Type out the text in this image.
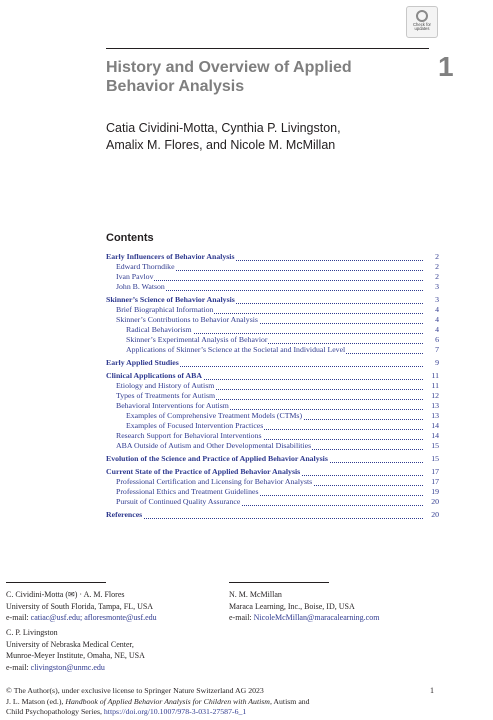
Check for
updates
History and Overview of Applied
Behavior Analysis
1
Catia Cividini-Motta, Cynthia P. Livingston,
Amalix M. Flores, and Nicole M. McMillan
Contents
Early Influencers of Behavior Analysis	2
Edward Thorndike	2
Ivan Pavlov	2
John B. Watson	3
Skinner’s Science of Behavior Analysis	3
Brief Biographical Information	4
Skinner’s Contributions to Behavior Analysis	4
Radical Behaviorism	4
Skinner’s Experimental Analysis of Behavior	6
Applications of Skinner’s Science at the Societal and Individual Level	7
Early Applied Studies	9
Clinical Applications of ABA	11
Etiology and History of Autism	11
Types of Treatments for Autism	12
Behavioral Interventions for Autism	13
Examples of Comprehensive Treatment Models (CTMs)	13
Examples of Focused Intervention Practices	14
Research Support for Behavioral Interventions	14
ABA Outside of Autism and Other Developmental Disabilities	15
Evolution of the Science and Practice of Applied Behavior Analysis	15
Current State of the Practice of Applied Behavior Analysis	17
Professional Certification and Licensing for Behavior Analysts	17
Professional Ethics and Treatment Guidelines	19
Pursuit of Continued Quality Assurance	20
References	20
C. Cividini-Motta (✉) · A. M. Flores
University of South Florida, Tampa, FL, USA
e-mail: catiac@usf.edu; afloresmonte@usf.edu
C. P. Livingston
University of Nebraska Medical Center,
Munroe-Meyer Institute, Omaha, NE, USA
e-mail: clivingston@unmc.edu
N. M. McMillan
Maraca Learning, Inc., Boise, ID, USA
e-mail: NicoleMcMillan@maracalearning.com
© The Author(s), under exclusive license to Springer Nature Switzerland AG 2023
J. L. Matson (ed.), Handbook of Applied Behavior Analysis for Children with Autism, Autism and
Child Psychopathology Series, https://doi.org/10.1007/978-3-031-27587-6_1
1
